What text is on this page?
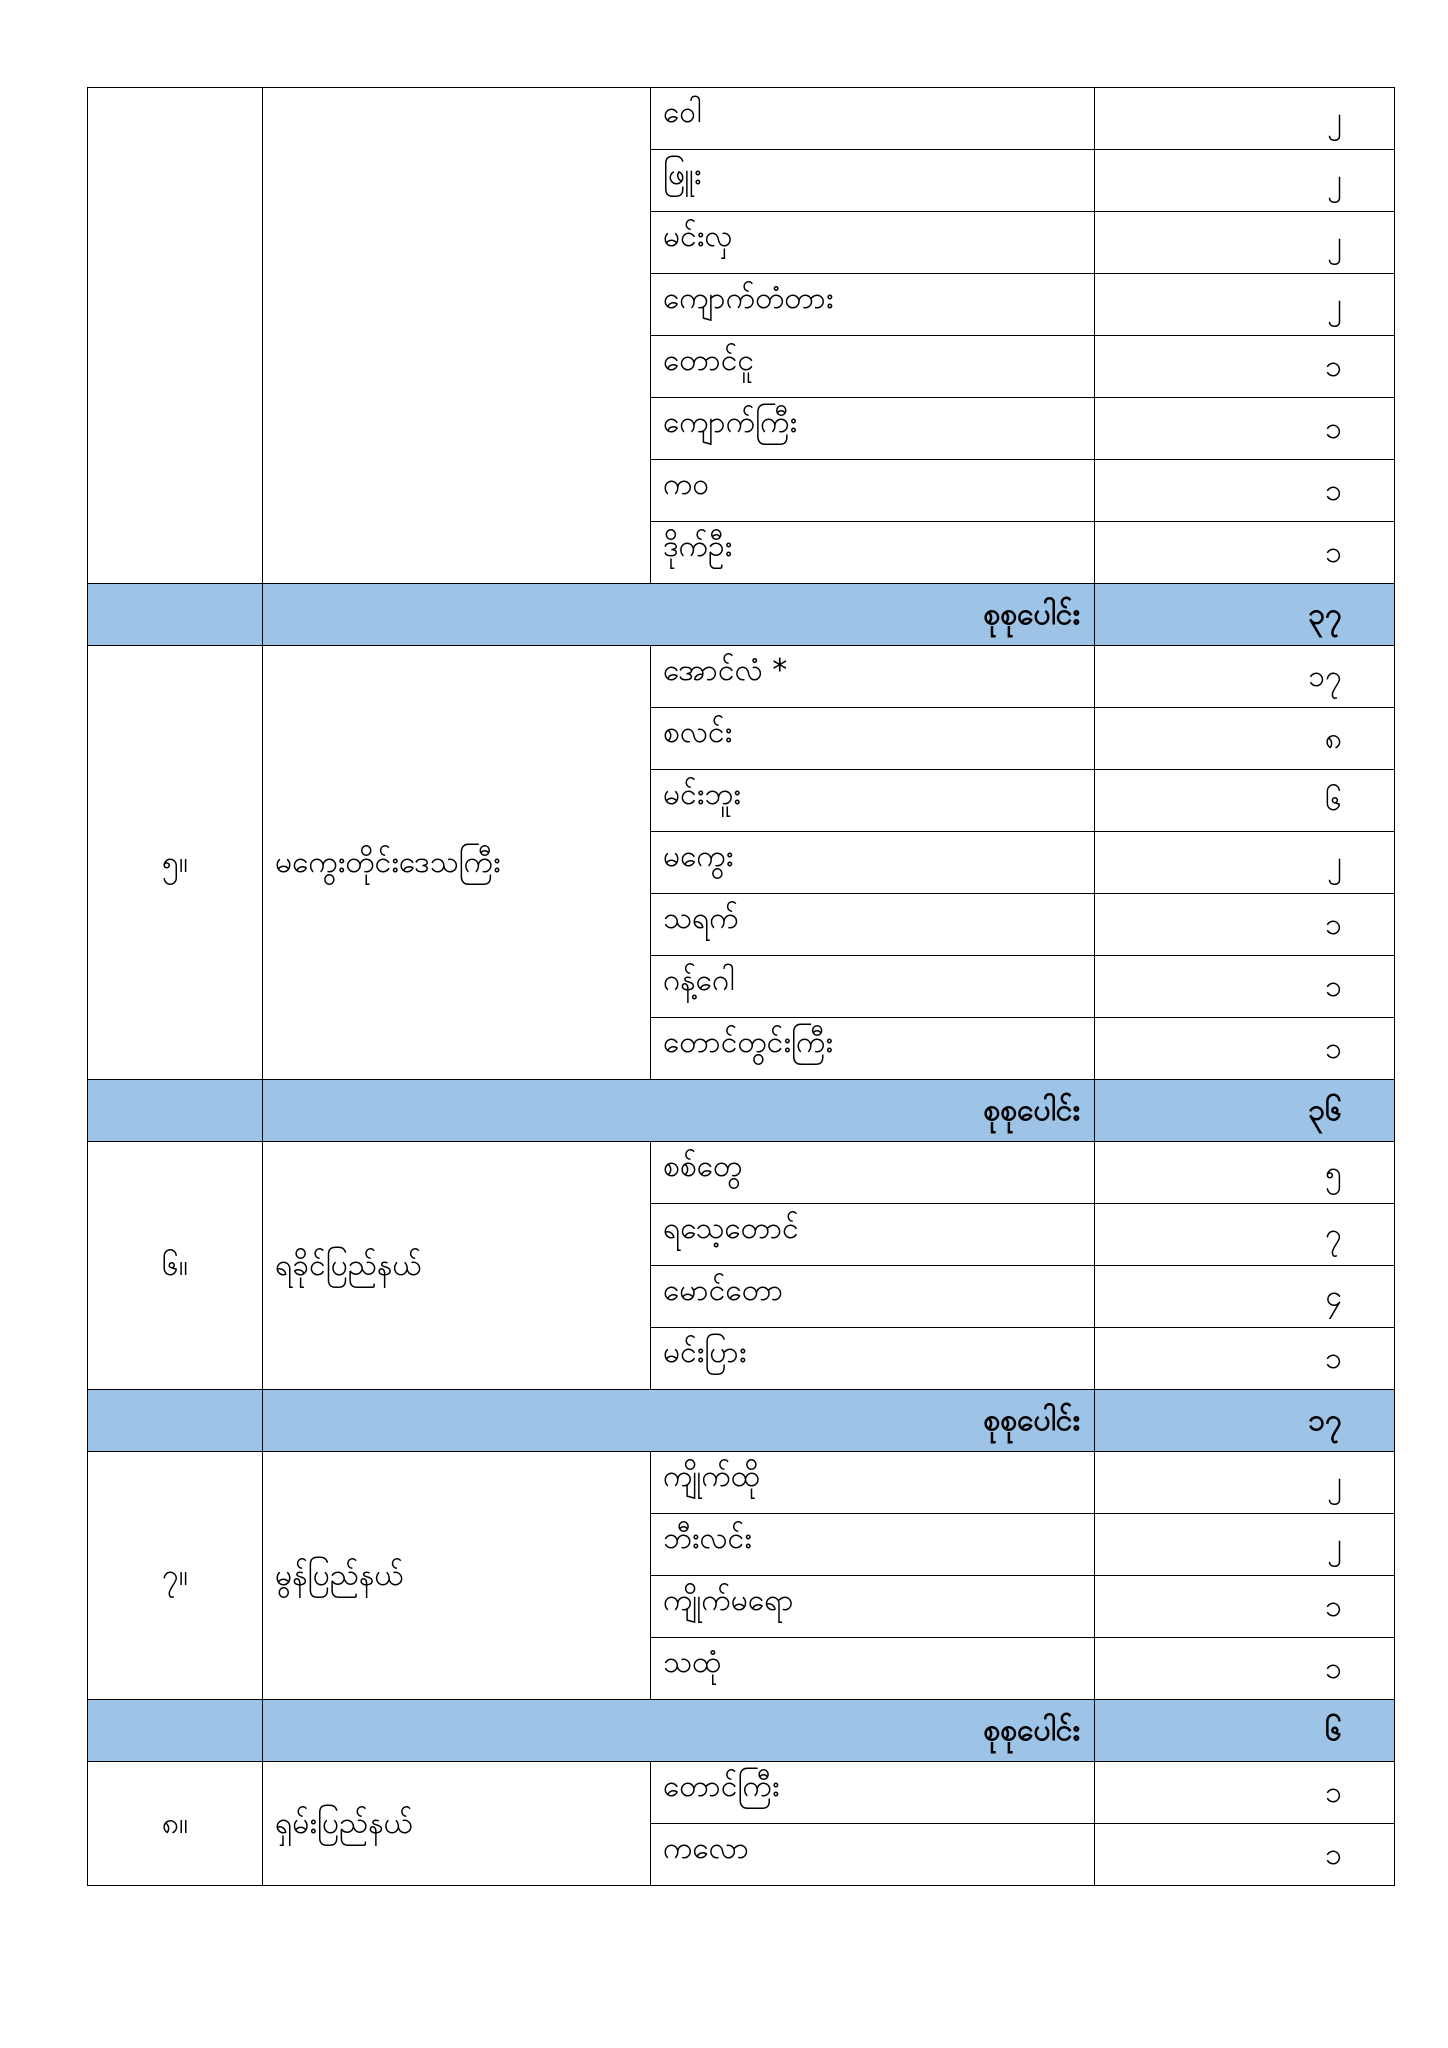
		ဝေါ	၂
		ဖြူး	၂
		မင်းလှ	၂
		ကျောက်တံတား	၂
		တောင်ငူ	၁
		ကျောက်ကြီး	၁
		ကဝ	၁
		ဒိုက်ဦး	၁
	စုစုပေါင်း		၃၇
၅။	မကွေးတိုင်းဒေသကြီး	အောင်လံ *	၁၇
		စလင်း	၈
		မင်းဘူး	၆
		မကွေး	၂
		သရက်	၁
		ဂန့်ဂေါ	၁
		တောင်တွင်းကြီး	၁
	စုစုပေါင်း		၃၆
၆။	ရခိုင်ပြည်နယ်	စစ်တွေ	၅
		ရသေ့တောင်	၇
		မောင်တော	၄
		မင်းပြား	၁
	စုစုပေါင်း		၁၇
၇။	မွန်ပြည်နယ်	ကျိုက်ထို	၂
		ဘီးလင်း	၂
		ကျိုက်မရော	၁
		သထုံ	၁
	စုစုပေါင်း		၆
၈။	ရှမ်းပြည်နယ်	တောင်ကြီး	၁
		ကလော	၁
